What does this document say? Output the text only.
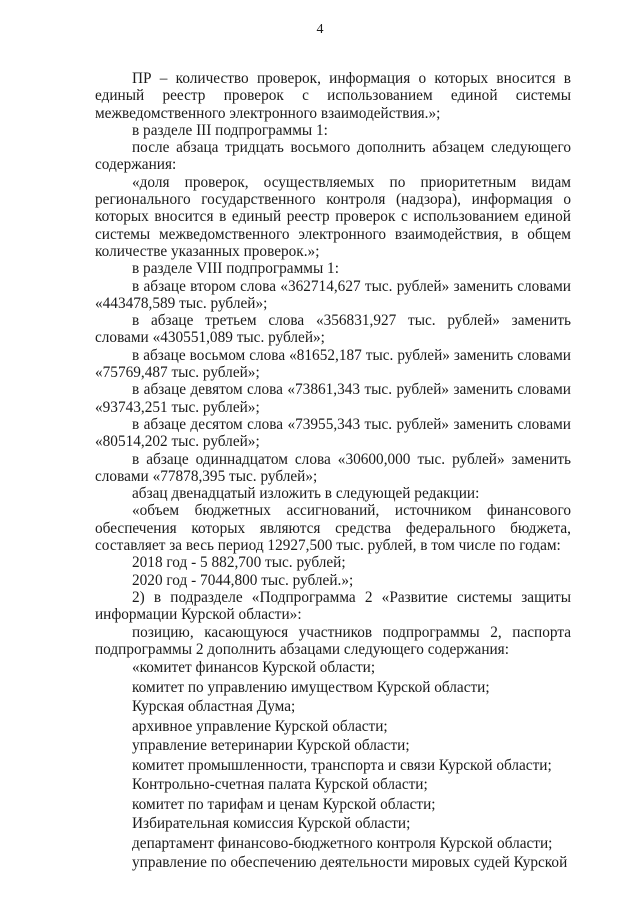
4

ПР – количество проверок, информация о которых вносится в единый реестр проверок с использованием единой системы межведомственного электронного взаимодействия.»;

в разделе III подпрограммы 1:

после абзаца тридцать восьмого дополнить абзацем следующего содержания:

«доля проверок, осуществляемых по приоритетным видам регионального государственного контроля (надзора), информация о которых вносится в единый реестр проверок с использованием единой системы межведомственного электронного взаимодействия, в общем количестве указанных проверок.»;

в разделе VIII подпрограммы 1:

в абзаце втором слова «362714,627 тыс. рублей» заменить словами «443478,589 тыс. рублей»;

в абзаце третьем слова «356831,927 тыс. рублей» заменить словами «430551,089 тыс. рублей»;

в абзаце восьмом слова «81652,187 тыс. рублей» заменить словами «75769,487 тыс. рублей»;

в абзаце девятом слова «73861,343 тыс. рублей» заменить словами «93743,251 тыс. рублей»;

в абзаце десятом слова «73955,343 тыс. рублей» заменить словами «80514,202 тыс. рублей»;

в абзаце одиннадцатом слова «30600,000 тыс. рублей» заменить словами «77878,395 тыс. рублей»;

абзац двенадцатый изложить в следующей редакции:

«объем бюджетных ассигнований, источником финансового обеспечения которых являются средства федерального бюджета, составляет за весь период 12927,500 тыс. рублей, в том числе по годам:

2018 год - 5 882,700 тыс. рублей;

2020 год - 7044,800 тыс. рублей.»;

2) в подразделе «Подпрограмма 2 «Развитие системы защиты информации Курской области»:

позицию, касающуюся участников подпрограммы 2, паспорта подпрограммы 2 дополнить абзацами следующего содержания:

«комитет финансов Курской области;

комитет по управлению имуществом Курской области;

Курская областная Дума;

архивное управление Курской области;

управление ветеринарии Курской области;

комитет промышленности, транспорта и связи Курской области;

Контрольно-счетная палата Курской области;

комитет по тарифам и ценам Курской области;

Избирательная комиссия Курской области;

департамент финансово-бюджетного контроля Курской области;

управление по обеспечению деятельности мировых судей Курской
